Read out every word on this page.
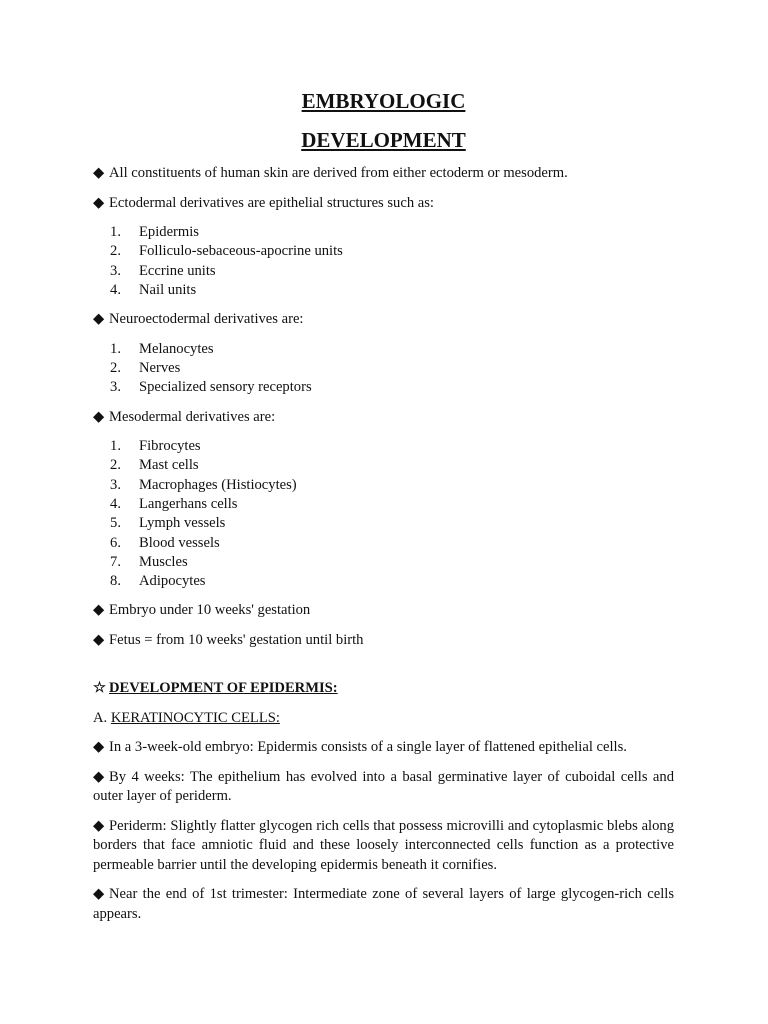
EMBRYOLOGIC

DEVELOPMENT

◆ All constituents of human skin are derived from either ectoderm or mesoderm.

◆ Ectodermal derivatives are epithelial structures such as:

1.	Epidermis
2.	Folliculo-sebaceous-apocrine units
3.	Eccrine units
4.	Nail units

◆ Neuroectodermal derivatives are:

1.	Melanocytes
2.	Nerves
3.	Specialized sensory receptors

◆ Mesodermal derivatives are:

1.	Fibrocytes
2.	Mast cells
3.	Macrophages (Histiocytes)
4.	Langerhans cells
5.	Lymph vessels
6.	Blood vessels
7.	Muscles
8.	Adipocytes

◆ Embryo under 10 weeks' gestation

◆ Fetus = from 10 weeks' gestation until birth

☆ DEVELOPMENT OF EPIDERMIS:

A. KERATINOCYTIC CELLS:

◆ In a 3-week-old embryo: Epidermis consists of a single layer of flattened epithelial cells.

◆ By 4 weeks: The epithelium has evolved into a basal germinative layer of cuboidal cells and outer layer of periderm.

◆ Periderm: Slightly flatter glycogen rich cells that possess microvilli and cytoplasmic blebs along borders that face amniotic fluid and these loosely interconnected cells function as a protective permeable barrier until the developing epidermis beneath it cornifies.

◆ Near the end of 1st trimester: Intermediate zone of several layers of large glycogen-rich cells appears.
